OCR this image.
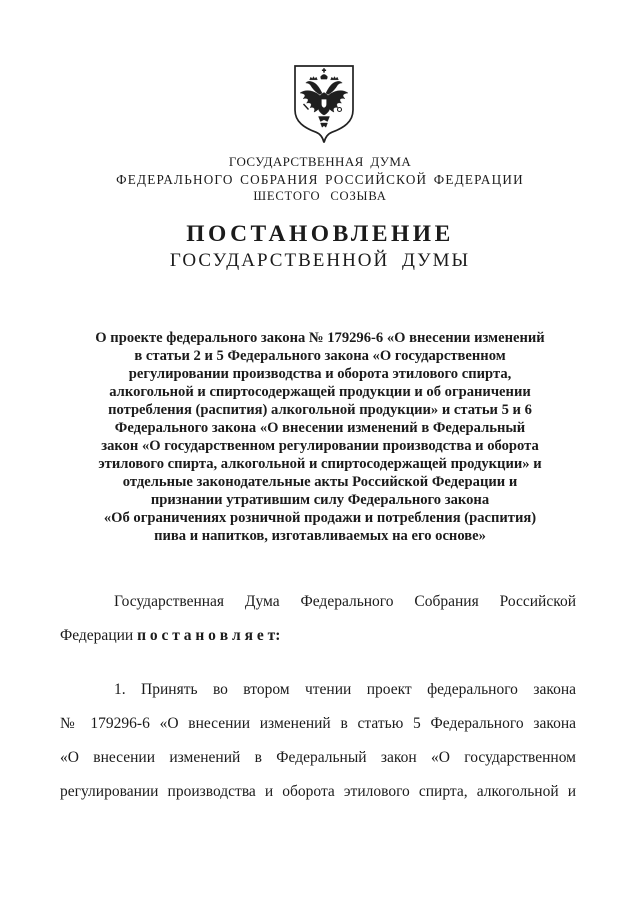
ГОСУДАРСТВЕННАЯ ДУМА
ФЕДЕРАЛЬНОГО СОБРАНИЯ РОССИЙСКОЙ ФЕДЕРАЦИИ
ШЕСТОГО СОЗЫВА
ПОСТАНОВЛЕНИЕ
ГОСУДАРСТВЕННОЙ ДУМЫ
О проекте федерального закона № 179296-6 «О внесении изменений
в статьи 2 и 5 Федерального закона «О государственном
регулировании производства и оборота этилового спирта,
алкогольной и спиртосодержащей продукции и об ограничении
потребления (распития) алкогольной продукции» и статьи 5 и 6
Федерального закона «О внесении изменений в Федеральный
закон «О государственном регулировании производства и оборота
этилового спирта, алкогольной и спиртосодержащей продукции» и
отдельные законодательные акты Российской Федерации и
признании утратившим силу Федерального закона
«Об ограничениях розничной продажи и потребления (распития)
пива и напитков, изготавливаемых на его основе»
Государственная Дума Федерального Собрания Российской
Федерации п о с т а н о в л я е т:
1. Принять во втором чтении проект федерального закона
№ 179296-6 «О внесении изменений в статью 5 Федерального закона
«О внесении изменений в Федеральный закон «О государственном
регулировании производства и оборота этилового спирта, алкогольной и
